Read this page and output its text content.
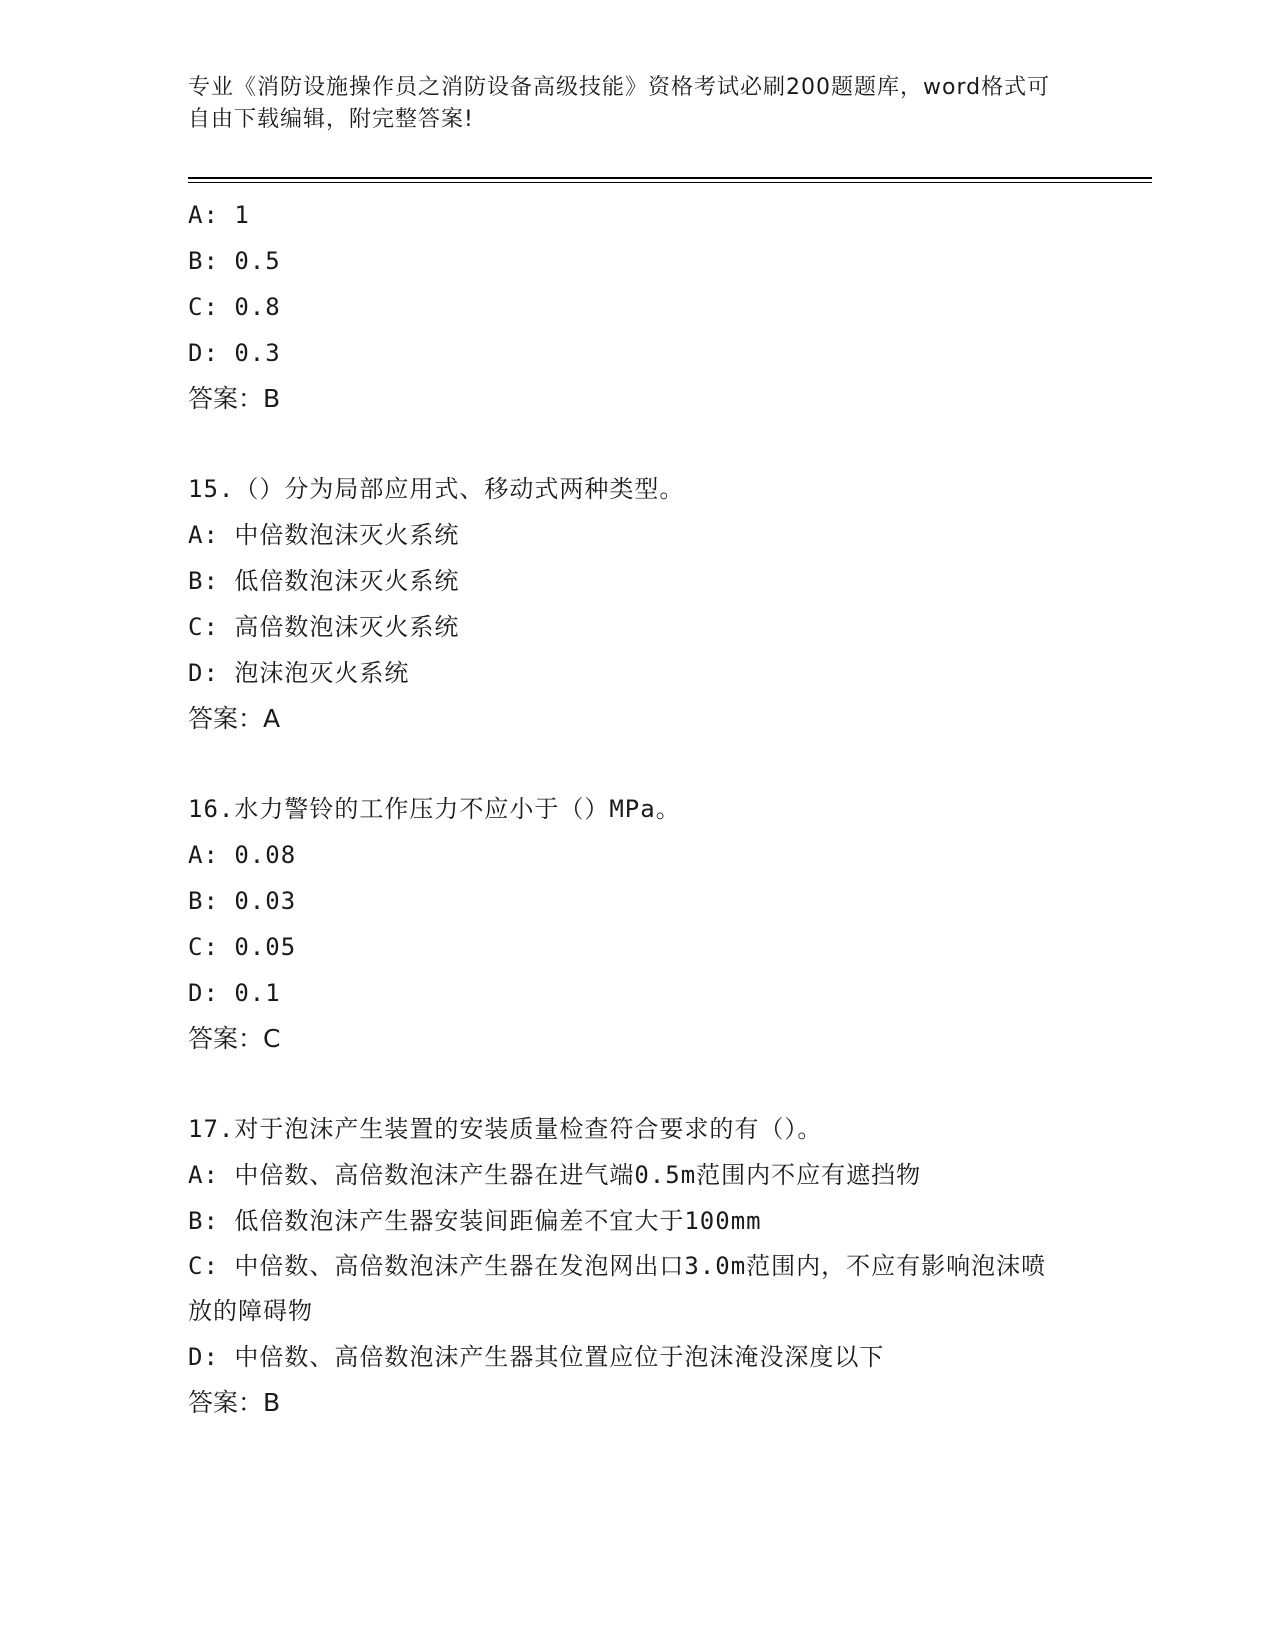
专业《消防设施操作员之消防设备高级技能》资格考试必刷200题题库，word格式可自由下载编辑，附完整答案!
A: 1
B: 0.5
C: 0.8
D: 0.3
答案：B
15.（）分为局部应用式、移动式两种类型。
A: 中倍数泡沫灭火系统
B: 低倍数泡沫灭火系统
C: 高倍数泡沫灭火系统
D: 泡沫泡灭火系统
答案：A
16.水力警铃的工作压力不应小于（）MPa。
A: 0.08
B: 0.03
C: 0.05
D: 0.1
答案：C
17.对于泡沫产生装置的安装质量检查符合要求的有（）。
A: 中倍数、高倍数泡沫产生器在进气端0.5m范围内不应有遮挡物
B: 低倍数泡沫产生器安装间距偏差不宜大于100mm
C: 中倍数、高倍数泡沫产生器在发泡网出口3.0m范围内，不应有影响泡沫喷放的障碍物
D: 中倍数、高倍数泡沫产生器其位置应位于泡沫淹没深度以下
答案：B
